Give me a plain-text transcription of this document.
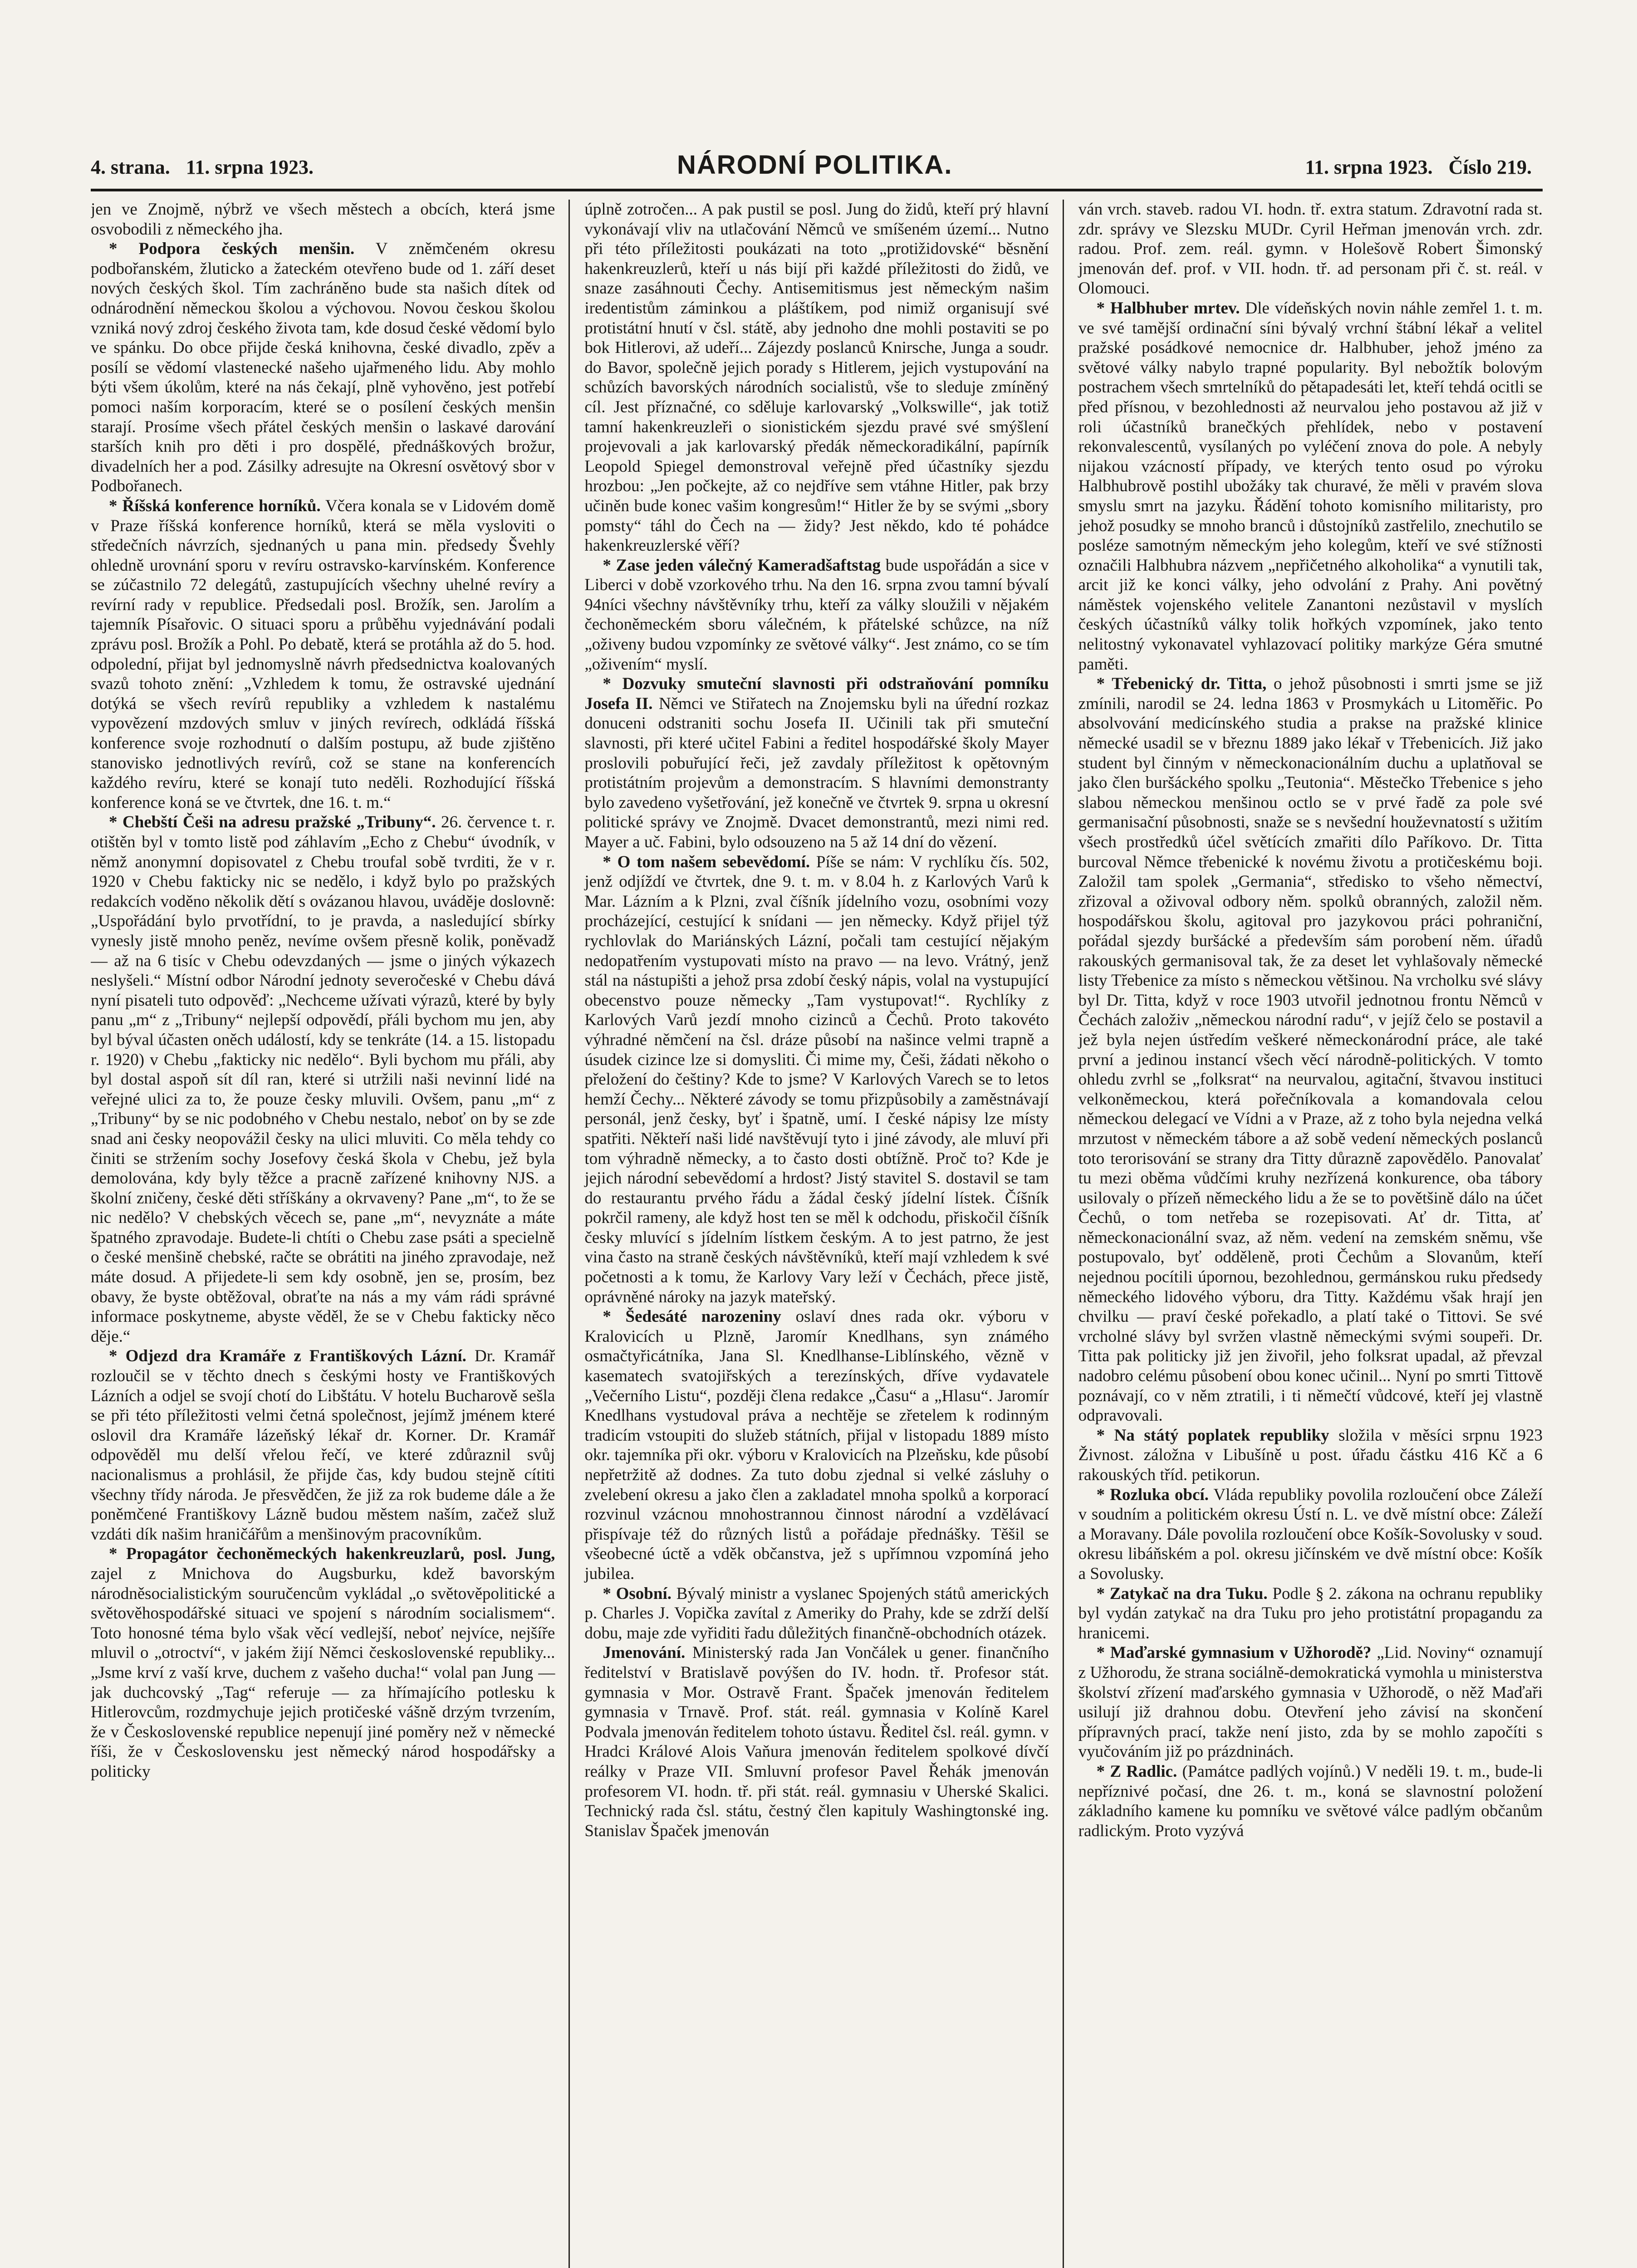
4. strana. 11. srpna 1923.	NÁRODNÍ POLITIKA.	11. srpna 1923. Číslo 219.

jen ve Znojmě, nýbrž ve všech městech a obcích, která jsme osvobodili z německého jha.

* Podpora českých menšin. V zněmčeném okresu podbořanském, žluticko a žateckém otevřeno bude od 1. září deset nových českých škol. Tím zachráněno bude sta našich dítek od odnárodnění německou školou a výchovou. Novou českou školou vzniká nový zdroj českého života tam, kde dosud české vědomí bylo ve spánku. Do obce přijde česká knihovna, české divadlo, zpěv a posílí se vědomí vlastenecké našeho ujařmeného lidu. Aby mohlo býti všem úkolům, které na nás čekají, plně vyhověno, jest potřebí pomoci naším korporacím, které se o posílení českých menšin starají. Prosíme všech přátel českých menšin o laskavé darování starších knih pro děti i pro dospělé, přednáškových brožur, divadelních her a pod. Zásilky adresujte na Okresní osvětový sbor v Podbořanech.

* Říšská konference horníků. Včera konala se v Lidovém domě v Praze říšská konference horníků, která se měla vysloviti o středečních návrzích, sjednaných u pana min. předsedy Švehly ohledně urovnání sporu v revíru ostravsko-karvínském. Konference se zúčastnilo 72 delegátů, zastupujících všechny uhelné revíry a revírní rady v republice. Předsedali posl. Brožík, sen. Jarolím a tajemník Písařovic. O situaci sporu a průběhu vyjednávání podali zprávu posl. Brožík a Pohl. Po debatě, která se protáhla až do 5. hod. odpolední, přijat byl jednomyslně návrh předsednictva koalovaných svazů tohoto znění: „Vzhledem k tomu, že ostravské ujednání dotýká se všech revírů republiky a vzhledem k nastalému vypovězení mzdových smluv v jiných revírech, odkládá říšská konference svoje rozhodnutí o dalším postupu, až bude zjištěno stanovisko jednotlivých revírů, což se stane na konferencích každého revíru, které se konají tuto neděli. Rozhodující říšská konference koná se ve čtvrtek, dne 16. t. m.“

* Chebští Češi na adresu pražské „Tribuny“. 26. července t. r. otištěn byl v tomto listě pod záhlavím „Echo z Chebu“ úvodník, v němž anonymní dopisovatel z Chebu troufal sobě tvrditi, že v r. 1920 v Chebu fakticky nic se nedělo, i když bylo po pražských redakcích voděno několik dětí s ovázanou hlavou, uváděje doslovně: „Uspořádání bylo prvotřídní, to je pravda, a nasledující sbírky vynesly jistě mnoho peněz, nevíme ovšem přesně kolik, poněvadž — až na 6 tisíc v Chebu odevzdaných — jsme o jiných výkazech neslyšeli.“ Místní odbor Národní jednoty severočeské v Chebu dává nyní pisateli tuto odpověď: „Nechceme užívati výrazů, které by byly panu „m“ z „Tribuny“ nejlepší odpovědí, přáli bychom mu jen, aby byl býval účasten oněch událostí, kdy se tenkráte (14. a 15. listopadu r. 1920) v Chebu „fakticky nic nedělo“. Byli bychom mu přáli, aby byl dostal aspoň sít díl ran, které si utržili naši nevinní lidé na veřejné ulici za to, že pouze česky mluvili. Ovšem, panu „m“ z „Tribuny“ by se nic podobného v Chebu nestalo, neboť on by se zde snad ani česky neopovážil česky na ulici mluviti. Co měla tehdy co činiti se stržením sochy Josefovy česká škola v Chebu, jež byla demolována, kdy byly těžce a pracně zařízené knihovny NJS. a školní zničeny, české děti stříškány a okrvaveny? Pane „m“, to že se nic nedělo? V chebských věcech se, pane „m“, nevyznáte a máte špatného zpravodaje. Budete-li chtíti o Chebu zase psáti a specielně o české menšině chebské, račte se obrátiti na jiného zpravodaje, než máte dosud. A přijedete-li sem kdy osobně, jen se, prosím, bez obavy, že byste obtěžoval, obraťte na nás a my vám rádi správné informace poskytneme, abyste věděl, že se v Chebu fakticky něco děje.“

* Odjezd dra Kramáře z Františkových Lázní. Dr. Kramář rozloučil se v těchto dnech s českými hosty ve Františkových Lázních a odjel se svojí chotí do Libštátu. V hotelu Bucharově sešla se při této příležitosti velmi četná společnost, jejímž jménem které oslovil dra Kramáře lázeňský lékař dr. Korner. Dr. Kramář odpověděl mu delší vřelou řečí, ve které zdůraznil svůj nacionalismus a prohlásil, že přijde čas, kdy budou stejně cítiti všechny třídy národa. Je přesvědčen, že již za rok budeme dále a že poněmčené Františkovy Lázně budou městem naším, začež služ vzdáti dík našim hraničářům a menšinovým pracovníkům.

* Propagátor čechoněmeckých hakenkreuzlarů, posl. Jung, zajel z Mnichova do Augsburku, kdež bavorským národněsocialistickým souručencům vykládal „o světověpolitické a světověhospodářské situaci ve spojení s národním socialismem“. Toto honosné téma bylo však věcí vedlejší, neboť nejvíce, nejšíře mluvil o „otroctví“, v jakém žijí Němci československé republiky... „Jsme krví z vaší krve, duchem z vašeho ducha!“ volal pan Jung — jak duchcovský „Tag“ referuje — za hřímajícího potlesku k Hitlerovcům, rozdmychuje jejich protičeské vášně drzým tvrzením, že v Československé republice nepenují jiné poměry než v německé říši, že v Československu jest německý národ hospodářsky a politicky

úplně zotročen... A pak pustil se posl. Jung do židů, kteří prý hlavní vykonávají vliv na utlačování Němců ve smíšeném území... Nutno při této příležitosti poukázati na toto „protižidovské“ běsnění hakenkreuzlerů, kteří u nás bijí při každé příležitosti do židů, ve snaze zasáhnouti Čechy. Antisemitismus jest německým našim iredentistům záminkou a pláštíkem, pod nimiž organisují své protistátní hnutí v čsl. státě, aby jednoho dne mohli postaviti se po bok Hitlerovi, až udeří... Zájezdy poslanců Knirsche, Junga a soudr. do Bavor, společně jejich porady s Hitlerem, jejich vystupování na schůzích bavorských národních socialistů, vše to sleduje zmíněný cíl. Jest příznačné, co sděluje karlovarský „Volkswille“, jak totiž tamní hakenkreuzleři o sionistickém sjezdu pravé své smýšlení projevovali a jak karlovarský předák německoradikální, papírník Leopold Spiegel demonstroval veřejně před účastníky sjezdu hrozbou: „Jen počkejte, až co nejdříve sem vtáhne Hitler, pak brzy učiněn bude konec vašim kongresům!“ Hitler že by se svými „sbory pomsty“ táhl do Čech na — židy? Jest někdo, kdo té pohádce hakenkreuzlerské věří?

* Zase jeden válečný Kameradšaftstag bude uspořádán a sice v Liberci v době vzorkového trhu. Na den 16. srpna zvou tamní bývalí 94níci všechny návštěvníky trhu, kteří za války sloužili v nějakém čechoněmeckém sboru válečném, k přátelské schůzce, na níž „oživeny budou vzpomínky ze světové války“. Jest známo, co se tím „oživením“ myslí.

* Dozvuky smuteční slavnosti při odstraňování pomníku Josefa II. Němci ve Stiřatech na Znojemsku byli na úřední rozkaz donuceni odstraniti sochu Josefa II. Učinili tak při smuteční slavnosti, při které učitel Fabini a ředitel hospodářské školy Mayer proslovili pobuřující řeči, jež zavdaly příležitost k opětovným protistátním projevům a demonstracím. S hlavními demonstranty bylo zavedeno vyšetřování, jež konečně ve čtvrtek 9. srpna u okresní politické správy ve Znojmě. Dvacet demonstrantů, mezi nimi red. Mayer a uč. Fabini, bylo odsouzeno na 5 až 14 dní do vězení.

* O tom našem sebevědomí. Píše se nám: V rychlíku čís. 502, jenž odjíždí ve čtvrtek, dne 9. t. m. v 8.04 h. z Karlových Varů k Mar. Lázním a k Plzni, zval číšník jídelního vozu, osobními vozy procházející, cestující k snídani — jen německy. Když přijel týž rychlovlak do Mariánských Lázní, počali tam cestující nějakým nedopatřením vystupovati místo na pravo — na levo. Vrátný, jenž stál na nástupišti a jehož prsa zdobí český nápis, volal na vystupující obecenstvo pouze německy „Tam vystupovat!“. Rychlíky z Karlových Varů jezdí mnoho cizinců a Čechů. Proto takovéto výhradné němčení na čsl. dráze působí na našince velmi trapně a úsudek cizince lze si domysliti. Či mime my, Češi, žádati někoho o přeložení do češtiny? Kde to jsme? V Karlových Varech se to letos hemží Čechy... Některé závody se tomu přizpůsobily a zaměstnávají personál, jenž česky, byť i špatně, umí. I české nápisy lze místy spatřiti. Někteří naši lidé navštěvují tyto i jiné závody, ale mluví při tom výhradně německy, a to často dosti obtížně. Proč to? Kde je jejich národní sebevědomí a hrdost? Jistý stavitel S. dostavil se tam do restaurantu prvého řádu a žádal český jídelní lístek. Číšník pokrčil rameny, ale když host ten se měl k odchodu, přiskočil číšník česky mluvící s jídelním lístkem českým. A to jest patrno, že jest vina často na straně českých návštěvníků, kteří mají vzhledem k své početnosti a k tomu, že Karlovy Vary leží v Čechách, přece jistě, oprávněné nároky na jazyk mateřský.

* Šedesáté narozeniny oslaví dnes rada okr. výboru v Kralovicích u Plzně, Jaromír Knedlhans, syn známého osmačtyřicátníka, Jana Sl. Knedlhanse-Liblínského, vězně v kasematech svatojiřských a terezínských, dříve vydavatele „Večerního Listu“, později člena redakce „Času“ a „Hlasu“. Jaromír Knedlhans vystudoval práva a nechtěje se zřetelem k rodinným tradicím vstoupiti do služeb státních, přijal v listopadu 1889 místo okr. tajemníka při okr. výboru v Kralovicích na Plzeňsku, kde působí nepřetržitě až dodnes. Za tuto dobu zjednal si velké zásluhy o zvelebení okresu a jako člen a zakladatel mnoha spolků a korporací rozvinul vzácnou mnohostrannou činnost národní a vzdělávací přispívaje též do různých listů a pořádaje přednášky. Těšil se všeobecné úctě a vděk občanstva, jež s upřímnou vzpomíná jeho jubilea.

* Osobní. Bývalý ministr a vyslanec Spojených států amerických p. Charles J. Vopička zavítal z Ameriky do Prahy, kde se zdrží delší dobu, maje zde vyřiditi řadu důležitých finančně-obchodních otázek.

Jmenování. Ministerský rada Jan Vončálek u gener. finančního ředitelství v Bratislavě povýšen do IV. hodn. tř. Profesor stát. gymnasia v Mor. Ostravě Frant. Špaček jmenován ředitelem gymnasia v Trnavě. Prof. stát. reál. gymnasia v Kolíně Karel Podvala jmenován ředitelem tohoto ústavu. Ředitel čsl. reál. gymn. v Hradci Králové Alois Vaňura jmenován ředitelem spolkové dívčí reálky v Praze VII. Smluvní profesor Pavel Řehák jmenován profesorem VI. hodn. tř. při stát. reál. gymnasiu v Uherské Skalici. Technický rada čsl. státu, čestný člen kapituly Washingtonské ing. Stanislav Špaček jmenován

ván vrch. staveb. radou VI. hodn. tř. extra statum. Zdravotní rada st. zdr. správy ve Slezsku MUDr. Cyril Heřman jmenován vrch. zdr. radou. Prof. zem. reál. gymn. v Holešově Robert Šimonský jmenován def. prof. v VII. hodn. tř. ad personam při č. st. reál. v Olomouci.

* Halbhuber mrtev. Dle vídeňských novin náhle zemřel 1. t. m. ve své tamější ordinační síni bývalý vrchní štábní lékař a velitel pražské posádkové nemocnice dr. Halbhuber, jehož jméno za světové války nabylo trapné popularity. Byl nebožtík bolovým postrachem všech smrtelníků do pětapadesáti let, kteří tehdá ocitli se před přísnou, v bezohlednosti až neurvalou jeho postavou až již v roli účastníků branečkých přehlídek, nebo v postavení rekonvalescentů, vysílaných po vyléčení znova do pole. A nebyly nijakou vzácností případy, ve kterých tento osud po výroku Halbhubrově postihl ubožáky tak churavé, že měli v pravém slova smyslu smrt na jazyku. Řádění tohoto komisního militaristy, pro jehož posudky se mnoho branců i důstojníků zastřelilo, znechutilo se posléze samotným německým jeho kolegům, kteří ve své stížnosti označili Halbhubra názvem „nepřičetného alkoholika“ a vynutili tak, arcit již ke konci války, jeho odvolání z Prahy. Ani povětný náměstek vojenského velitele Zanantoni nezůstavil v myslích českých účastníků války tolik hořkých vzpomínek, jako tento nelitostný vykonavatel vyhlazovací politiky markýze Géra smutné paměti.

* Třebenický dr. Titta, o jehož působnosti i smrti jsme se již zmínili, narodil se 24. ledna 1863 v Prosmykách u Litoměřic. Po absolvování medicínského studia a prakse na pražské klinice německé usadil se v březnu 1889 jako lékař v Třebenicích. Již jako student byl činným v německonacionálním duchu a uplatňoval se jako člen buršáckého spolku „Teutonia“. Městečko Třebenice s jeho slabou německou menšinou octlo se v prvé řadě za pole své germanisační působnosti, snaže se s nevšední houževnatostí s užitím všech prostředků účel světících zmařiti dílo Paříkovo. Dr. Titta burcoval Němce třebenické k novému životu a protičeskému boji. Založil tam spolek „Germania“, středisko to všeho němectví, zřizoval a oživoval odbory něm. spolků obranných, založil něm. hospodářskou školu, agitoval pro jazykovou práci pohraniční, pořádal sjezdy buršácké a především sám porobení něm. úřadů rakouských germanisoval tak, že za deset let vyhlašovaly německé listy Třebenice za místo s německou většinou. Na vrcholku své slávy byl Dr. Titta, když v roce 1903 utvořil jednotnou frontu Němců v Čechách založiv „německou národní radu“, v jejíž čelo se postavil a jež byla nejen ústředím veškeré německonárodní práce, ale také první a jedinou instancí všech věcí národně-politických. V tomto ohledu zvrhl se „folksrat“ na neurvalou, agitační, štvavou instituci velkoněmeckou, která pořečníkovala a komandovala celou německou delegací ve Vídni a v Praze, až z toho byla nejedna velká mrzutost v německém tábore a až sobě vedení německých poslanců toto terorisování se strany dra Titty důrazně zapovědělo. Panovalať tu mezi oběma vůdčími kruhy nezřízená konkurence, oba tábory usilovaly o přízeň německého lidu a že se to povětšině dálo na účet Čechů, o tom netřeba se rozepisovati. Ať dr. Titta, ať německonacionální svaz, až něm. vedení na zemském sněmu, vše postupovalo, byť odděleně, proti Čechům a Slovanům, kteří nejednou pocítili úpornou, bezohlednou, germánskou ruku předsedy německého lidového výboru, dra Titty. Každému však hrají jen chvilku — praví české pořekadlo, a platí také o Tittovi. Se své vrcholné slávy byl svržen vlastně německými svými soupeři. Dr. Titta pak politicky již jen živořil, jeho folksrat upadal, až převzal nadobro celému působení obou konec učinil... Nyní po smrti Tittově poznávají, co v něm ztratili, i ti němečtí vůdcové, kteří jej vlastně odpravovali.

* Na státý poplatek republiky složila v měsíci srpnu 1923 Živnost. záložna v Libušíně u post. úřadu částku 416 Kč a 6 rakouských tříd. petikorun.

* Rozluka obcí. Vláda republiky povolila rozloučení obce Záleží v soudním a politickém okresu Ústí n. L. ve dvě místní obce: Záleží a Moravany. Dále povolila rozloučení obce Košík-Sovolusky v soud. okresu libáňském a pol. okresu jičínském ve dvě místní obce: Košík a Sovolusky.

* Zatykač na dra Tuku. Podle § 2. zákona na ochranu republiky byl vydán zatykač na dra Tuku pro jeho protistátní propagandu za hranicemi.

* Maďarské gymnasium v Užhorodě? „Lid. Noviny“ oznamují z Užhorodu, že strana sociálně-demokratická vymohla u ministerstva školství zřízení maďarského gymnasia v Užhorodě, o něž Maďaři usilují již drahnou dobu. Otevření jeho závisí na skončení přípravných prací, takže není jisto, zda by se mohlo započíti s vyučováním již po prázdninách.

* Z Radlic. (Památce padlých vojínů.) V neděli 19. t. m., bude-li nepříznivé počasí, dne 26. t. m., koná se slavnostní položení základního kamene ku pomníku ve světové válce padlým občanům radlickým. Proto vyzývá
